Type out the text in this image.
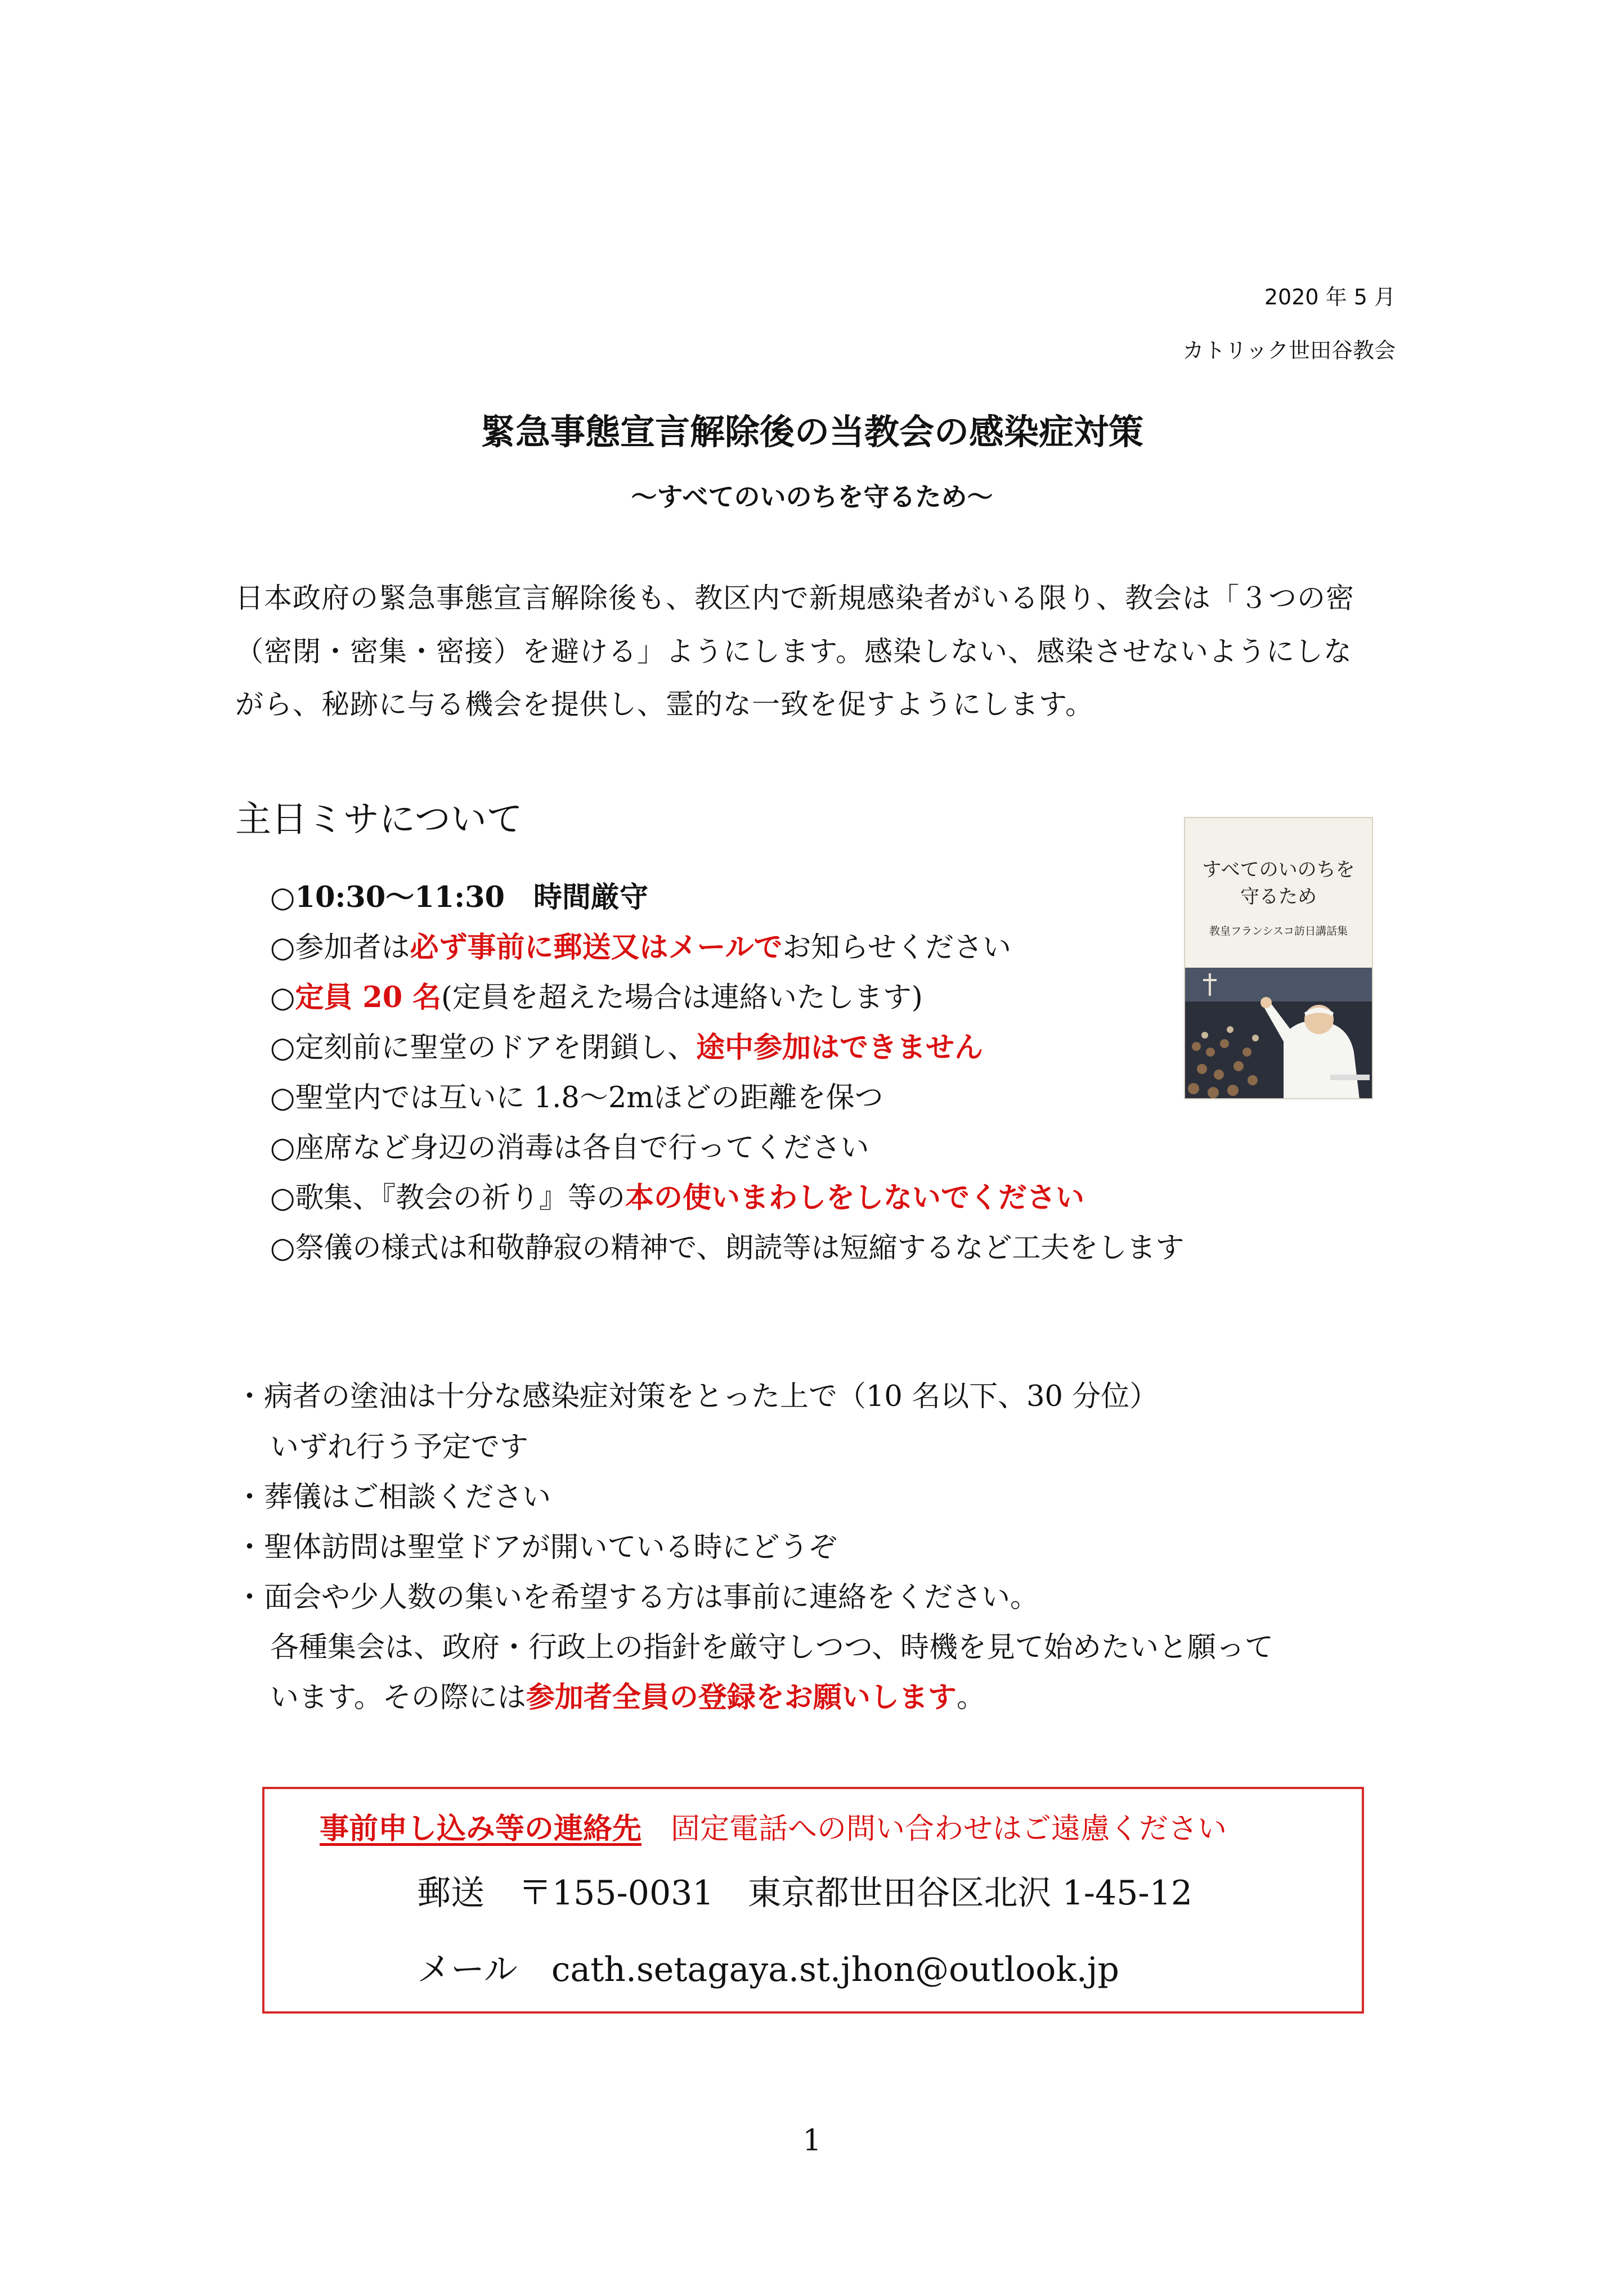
2020 年 5 月
カトリック世田谷教会
緊急事態宣言解除後の当教会の感染症対策
～すべてのいのちを守るため～
日本政府の緊急事態宣言解除後も、教区内で新規感染者がいる限り、教会は「３つの密
（密閉・密集・密接）を避ける」ようにします。感染しない、感染させないようにしな
がら、秘跡に与る機会を提供し、霊的な一致を促すようにします。
主日ミサについて
○10:30～11:30　時間厳守
○参加者は必ず事前に郵送又はメールでお知らせください
○定員 20 名(定員を超えた場合は連絡いたします)
○定刻前に聖堂のドアを閉鎖し、途中参加はできません
○聖堂内では互いに 1.8～2mほどの距離を保つ
○座席など身辺の消毒は各自で行ってください
○歌集、『教会の祈り』等の本の使いまわしをしないでください
○祭儀の様式は和敬静寂の精神で、朗読等は短縮するなど工夫をします
すべてのいのちを
守るため
教皇フランシスコ訪日講話集
・病者の塗油は十分な感染症対策をとった上で（10 名以下、30 分位）
いずれ行う予定です
・葬儀はご相談ください
・聖体訪問は聖堂ドアが開いている時にどうぞ
・面会や少人数の集いを希望する方は事前に連絡をください。
各種集会は、政府・行政上の指針を厳守しつつ、時機を見て始めたいと願って
います。その際には参加者全員の登録をお願いします。
事前申し込み等の連絡先　 固定電話への問い合わせはご遠慮ください
郵送　 〒155-0031　 東京都世田谷区北沢 1-45-12
メール　 cath.setagaya.st.jhon@outlook.jp
1
